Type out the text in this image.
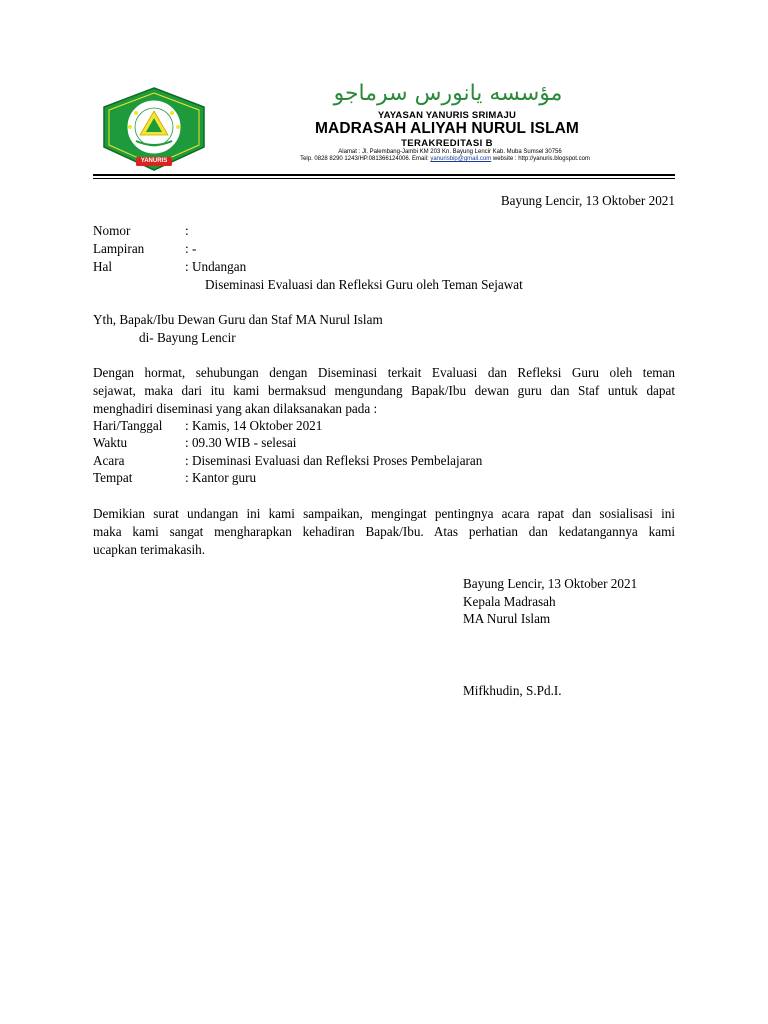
YANURIS
مؤسسه يانورس سرماجو
YAYASAN YANURIS SRIMAJU
MADRASAH ALIYAH NURUL ISLAM
TERAKREDITASI B
Alamat : Jl. Palembang-Jambi KM 203 Kn. Bayung Lencir Kab. Muba Sumsel 30756
Telp. 0828 8290 1243/HP.081366124006. Email: yanurisbip@gmail.com website : http://yanuris.blogspot.com
Bayung Lencir, 13 Oktober 2021
Nomor	:
Lampiran	: -
Hal	: Undangan
Diseminasi Evaluasi dan Refleksi Guru oleh Teman Sejawat
Yth, Bapak/Ibu Dewan Guru dan Staf MA Nurul Islam
di- Bayung Lencir
Dengan hormat, sehubungan dengan Diseminasi terkait Evaluasi dan Refleksi Guru oleh teman
sejawat, maka dari itu kami bermaksud mengundang Bapak/Ibu dewan guru dan Staf untuk dapat
menghadiri diseminasi yang akan dilaksanakan pada :
Hari/Tanggal : Kamis, 14 Oktober 2021
Waktu	: 09.30 WIB - selesai
Acara	: Diseminasi Evaluasi dan Refleksi Proses Pembelajaran
Tempat	: Kantor guru
Demikian surat undangan ini kami sampaikan, mengingat pentingnya acara rapat dan sosialisasi ini
maka kami sangat mengharapkan kehadiran Bapak/Ibu. Atas perhatian dan kedatangannya kami
ucapkan terimakasih.
Bayung Lencir, 13 Oktober 2021
Kepala Madrasah
MA Nurul Islam
Mifkhudin, S.Pd.I.
